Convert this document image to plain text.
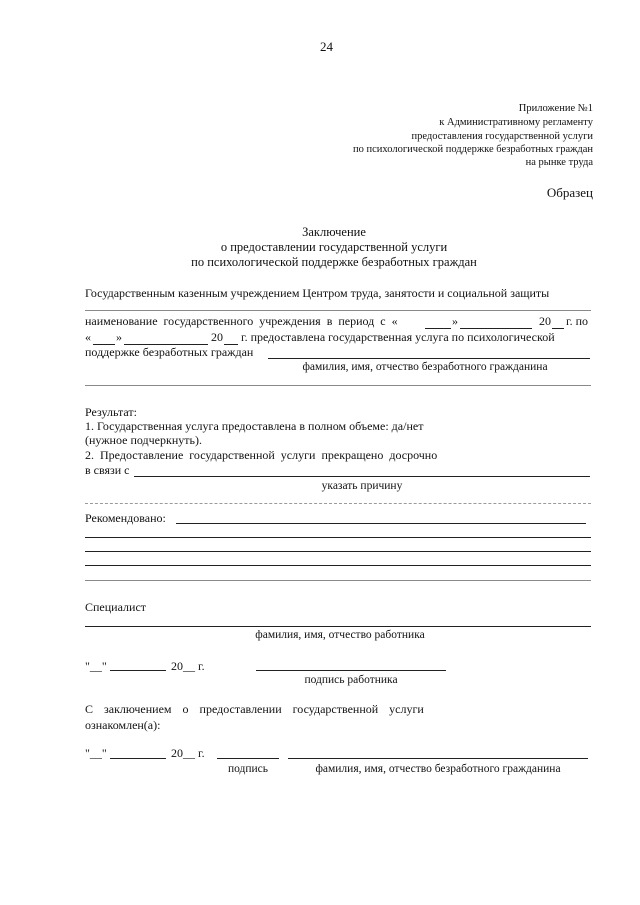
24
Приложение №1
к Административному регламенту
предоставления государственной услуги
по психологической поддержке безработных граждан
на рынке труда
Образец
Заключение
о предоставлении государственной услуги
по психологической поддержке безработных граждан
Государственным казенным учреждением Центром труда, занятости и социальной защиты
наименование государственного учреждения в период с «	»	20 г. по
« »	20 г. предоставлена государственная услуга по психологической
поддержке безработных граждан
фамилия, имя, отчество безработного гражданина
Результат:
1. Государственная услуга предоставлена в полном объеме: да/нет
(нужное подчеркнуть).
2. Предоставление государственной услуги прекращено досрочно
в связи с
указать причину
Рекомендовано:
Специалист
фамилия, имя, отчество работника
"__"	20__ г.
подпись работника
С заключением о предоставлении государственной услуги
ознакомлен(а):
"__"	20__ г.
подпись	фамилия, имя, отчество безработного гражданина
